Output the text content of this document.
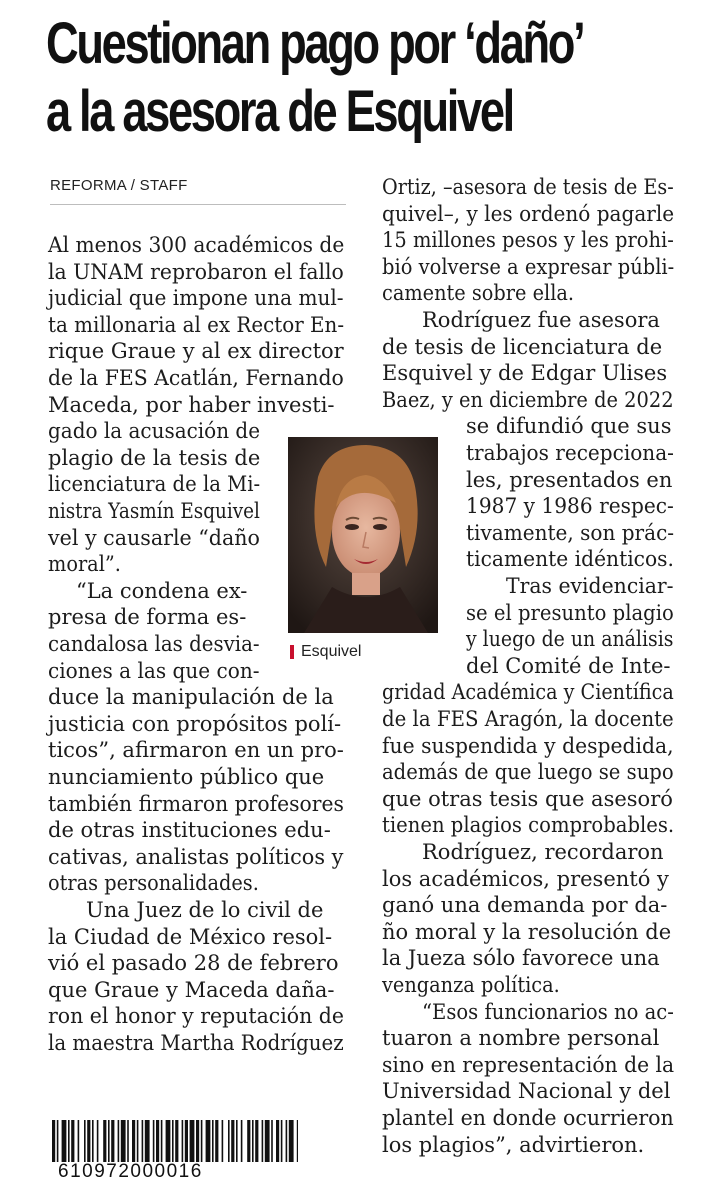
Cuestionan pago por ‘daño’
a la asesora de Esquivel
REFORMA / STAFF
Al menos 300 académicos de
la UNAM reprobaron el fallo
judicial que impone una mul-
ta millonaria al ex Rector En-
rique Graue y al ex director
de la FES Acatlán, Fernando
Maceda, por haber investi-
gado la acusación de
plagio de la tesis de
licenciatura de la Mi-
nistra Yasmín Esquivel
vel y causarle “daño
moral”.
“La condena ex-
presa de forma es-
candalosa las desvia-
ciones a las que con-
duce la manipulación de la
justicia con propósitos polí-
ticos”, afirmaron en un pro-
nunciamiento público que
también firmaron profesores
de otras instituciones edu-
cativas, analistas políticos y
otras personalidades.
Una Juez de lo civil de
la Ciudad de México resol-
vió el pasado 28 de febrero
que Graue y Maceda daña-
ron el honor y reputación de
la maestra Martha Rodríguez
Ortiz, –asesora de tesis de Es-
quivel–, y les ordenó pagarle
15 millones pesos y les prohi-
bió volverse a expresar públi-
camente sobre ella.
Rodríguez fue asesora
de tesis de licenciatura de
Esquivel y de Edgar Ulises
Baez, y en diciembre de 2022
se difundió que sus
trabajos recepciona-
les, presentados en
1987 y 1986 respec-
tivamente, son prác-
ticamente idénticos.
Tras evidenciar-
se el presunto plagio
y luego de un análisis
del Comité de Inte-
gridad Académica y Científica
de la FES Aragón, la docente
fue suspendida y despedida,
además de que luego se supo
que otras tesis que asesoró
tienen plagios comprobables.
Rodríguez, recordaron
los académicos, presentó y
ganó una demanda por da-
ño moral y la resolución de
la Jueza sólo favorece una
venganza política.
“Esos funcionarios no ac-
tuaron a nombre personal
sino en representación de la
Universidad Nacional y del
plantel en donde ocurrieron
los plagios”, advirtieron.
Esquivel
610972000016
